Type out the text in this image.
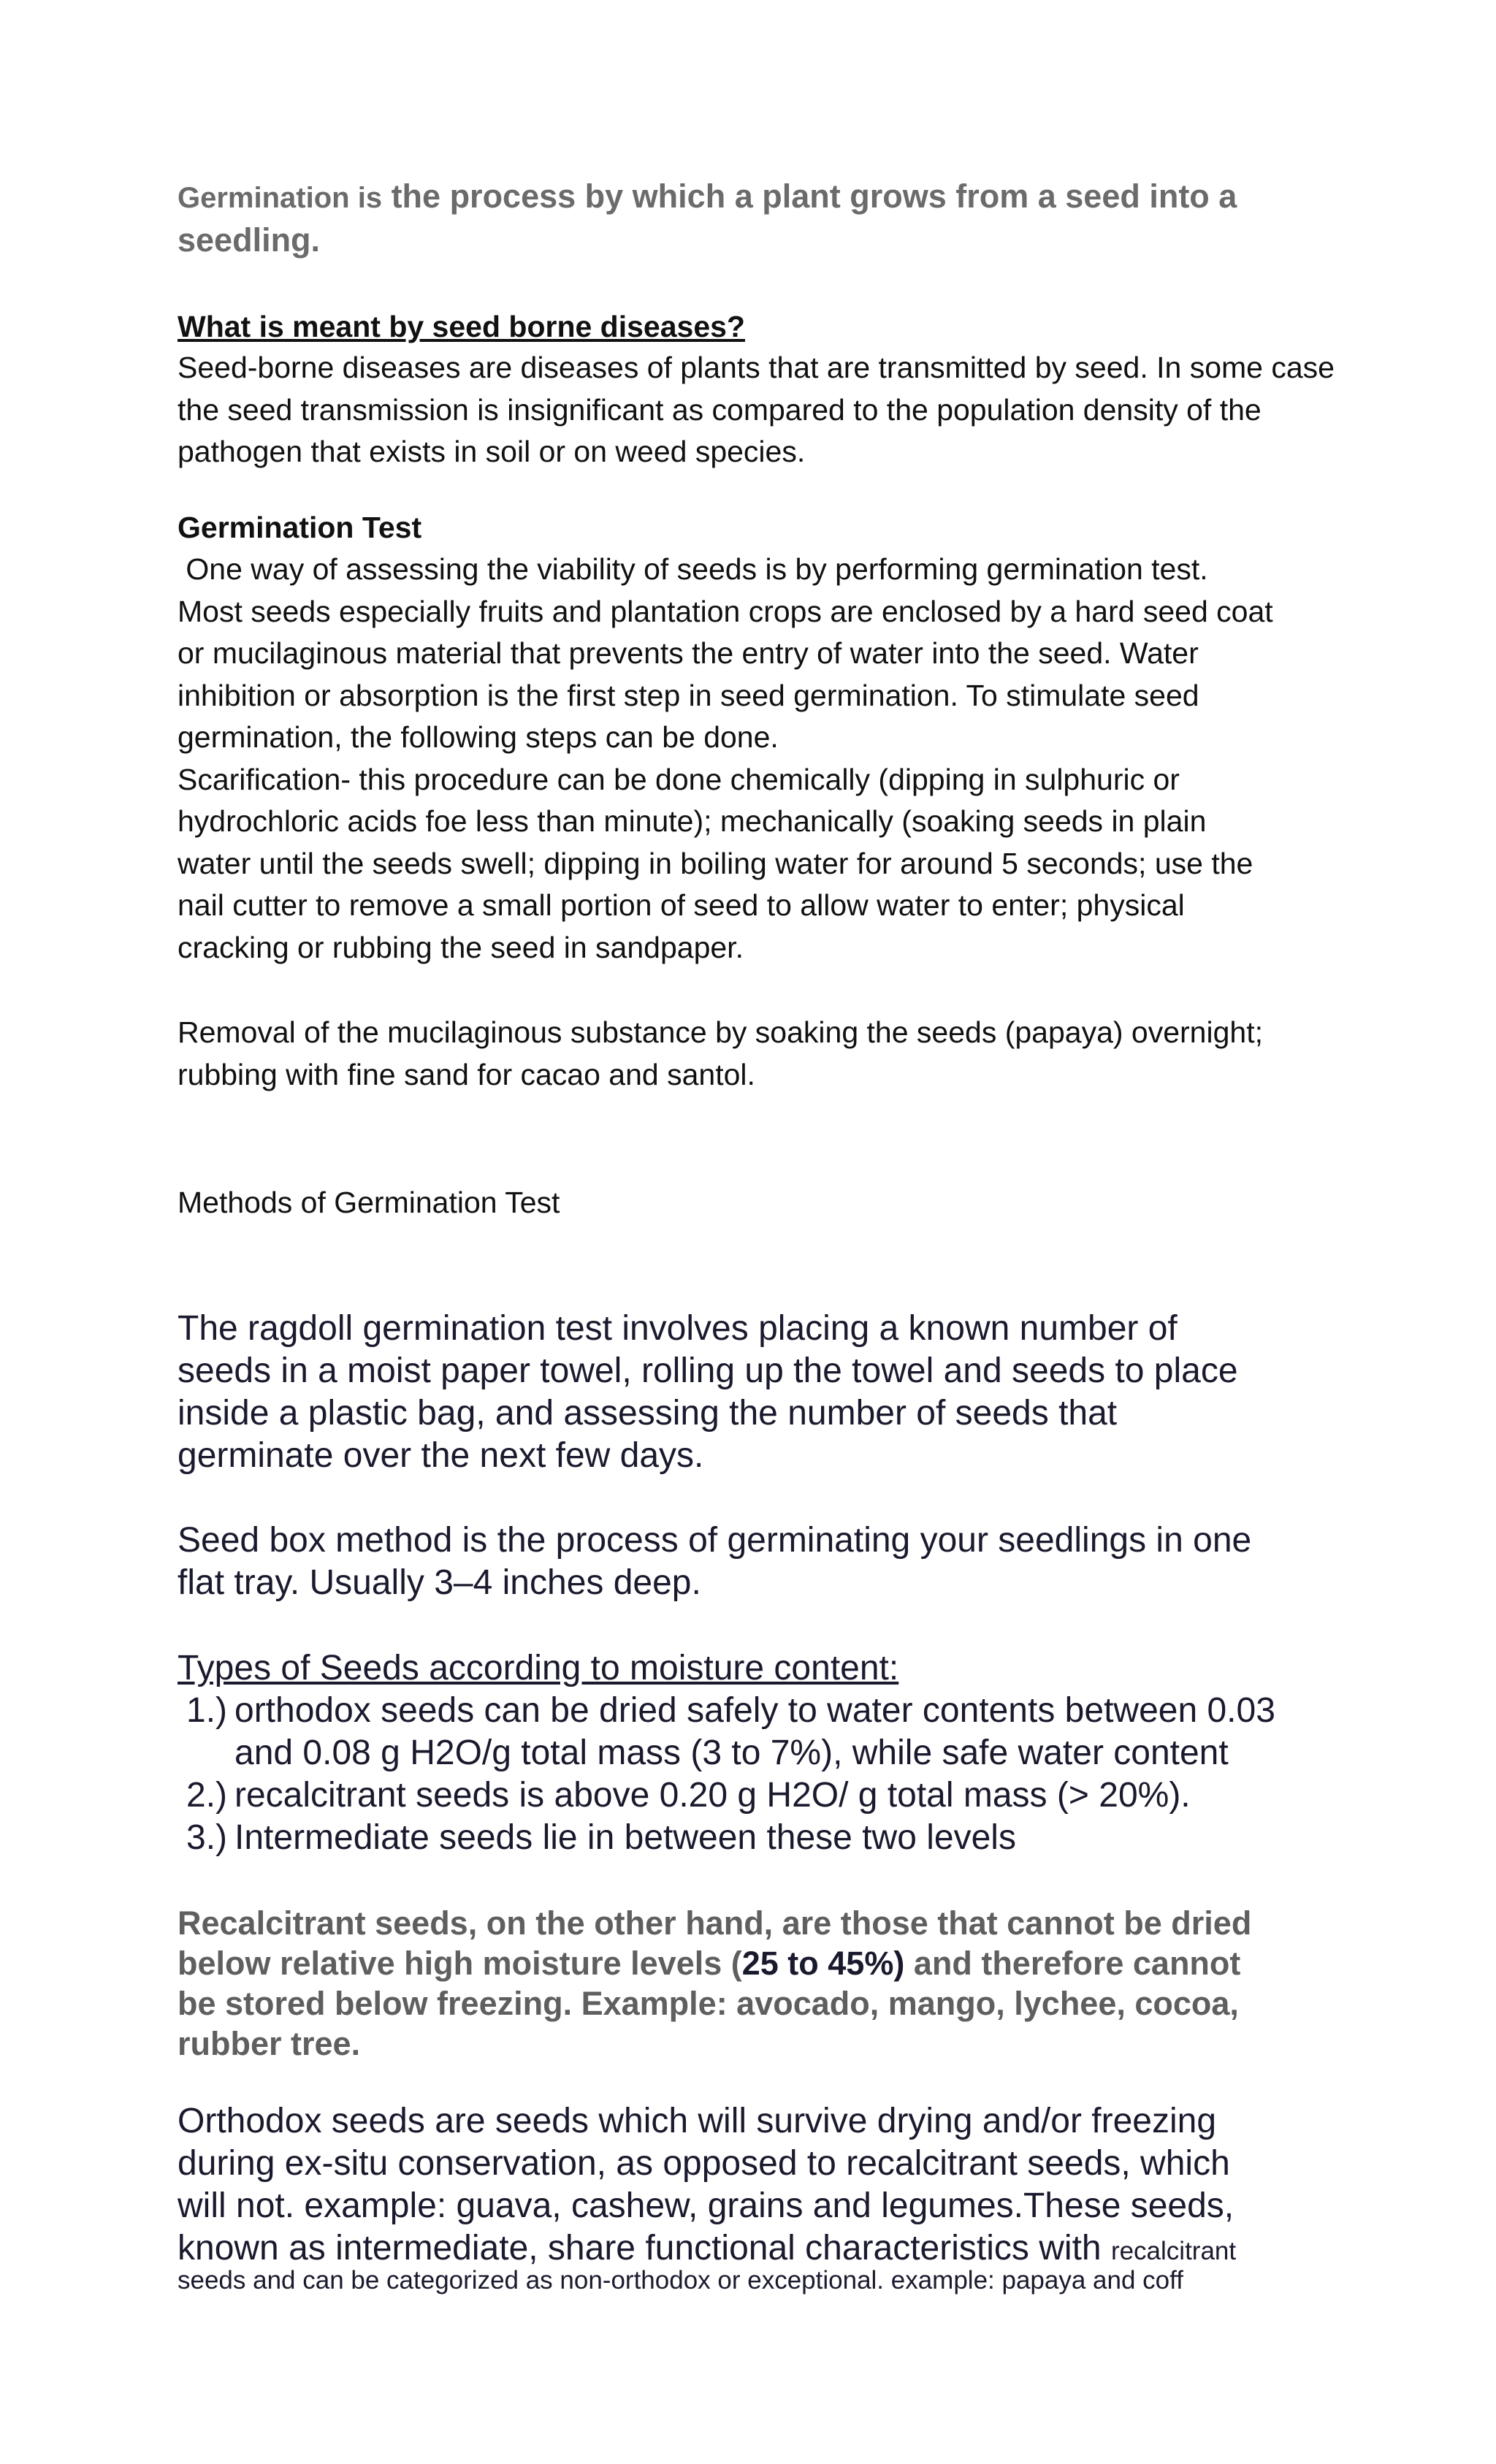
Germination is the process by which a plant grows from a seed into a seedling.

What is meant by seed borne diseases?

Seed-borne diseases are diseases of plants that are transmitted by seed. In some case the seed transmission is insignificant as compared to the population density of the pathogen that exists in soil or on weed species.

Germination Test

One way of assessing the viability of seeds is by performing germination test.
Most seeds especially fruits and plantation crops are enclosed by a hard seed coat
or mucilaginous material that prevents the entry of water into the seed. Water
inhibition or absorption is the first step in seed germination. To stimulate seed
germination, the following steps can be done.
Scarification- this procedure can be done chemically (dipping in sulphuric or
hydrochloric acids foe less than minute); mechanically (soaking seeds in plain
water until the seeds swell; dipping in boiling water for around 5 seconds; use the
nail cutter to remove a small portion of seed to allow water to enter; physical
cracking or rubbing the seed in sandpaper.
Removal of the mucilaginous substance by soaking the seeds (papaya) overnight;
rubbing with fine sand for cacao and santol.

Methods of Germination Test

The ragdoll germination test involves placing a known number of
seeds in a moist paper towel, rolling up the towel and seeds to place
inside a plastic bag, and assessing the number of seeds that
germinate over the next few days.
Seed box method is the process of germinating your seedlings in one
flat tray. Usually 3–4 inches deep.

Types of Seeds according to moisture content:

1.) orthodox seeds can be dried safely to water contents between 0.03
and 0.08 g H2O/g total mass (3 to 7%), while safe water content
2.) recalcitrant seeds is above 0.20 g H2O/ g total mass (> 20%).
3.) Intermediate seeds lie in between these two levels
Recalcitrant seeds, on the other hand, are those that cannot be dried
below relative high moisture levels (25 to 45%) and therefore cannot
be stored below freezing. Example: avocado, mango, lychee, cocoa,
rubber tree.
Orthodox seeds are seeds which will survive drying and/or freezing
during ex-situ conservation, as opposed to recalcitrant seeds, which
will not. example: guava, cashew, grains and legumes.These seeds,
known as intermediate, share functional characteristics with recalcitrant
seeds and can be categorized as non-orthodox or exceptional. example: papaya and coff
